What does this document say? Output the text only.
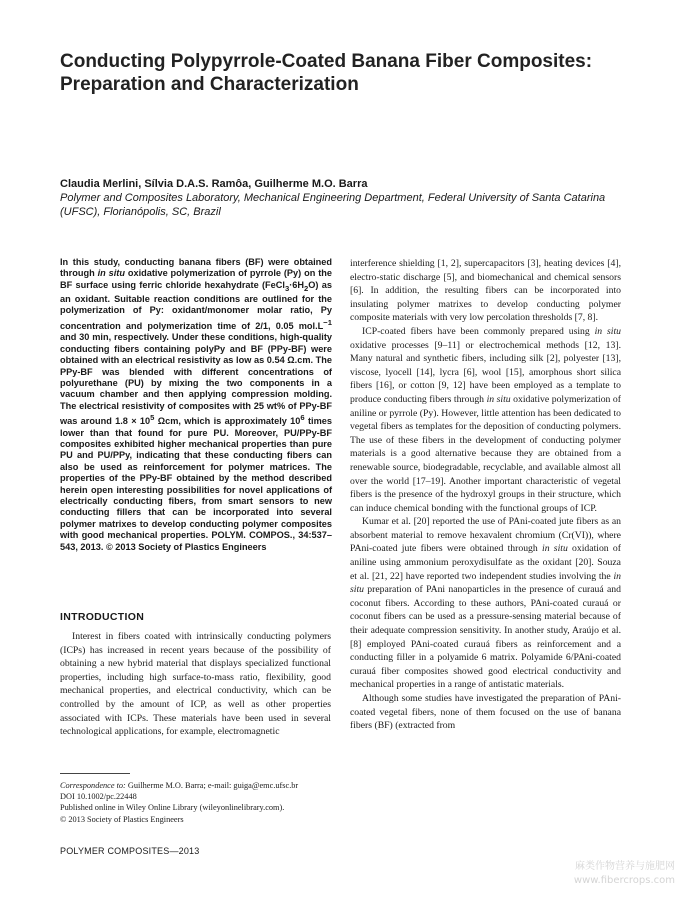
Conducting Polypyrrole-Coated Banana Fiber Composites: Preparation and Characterization
Claudia Merlini, Sílvia D.A.S. Ramôa, Guilherme M.O. Barra
Polymer and Composites Laboratory, Mechanical Engineering Department, Federal University of Santa Catarina (UFSC), Florianópolis, SC, Brazil
In this study, conducting banana fibers (BF) were obtained through in situ oxidative polymerization of pyrrole (Py) on the BF surface using ferric chloride hexahydrate $(FeCl_3\cdot 6H_2O)$ as an oxidant. Suitable reaction conditions are outlined for the polymerization of Py: oxidant/monomer molar ratio, Py concentration and polymerization time of 2/1, 0.05 $mol.L^{-1}$ and 30 min, respectively. Under these conditions, high-quality conducting fibers containing polyPy and BF (PPy-BF) were obtained with an electrical resistivity as low as 0.54 Ω.cm. The PPy-BF was blended with different concentrations of polyurethane (PU) by mixing the two components in a vacuum chamber and then applying compression molding. The electrical resistivity of composites with 25 wt% of PPy-BF was around $1.8 \times 10^5$ Ωcm, which is approximately $10^6$ times lower than that found for pure PU. Moreover, PU/PPy-BF composites exhibited higher mechanical properties than pure PU and PU/PPy, indicating that these conducting fibers can also be used as reinforcement for polymer matrices. The properties of the PPy-BF obtained by the method described herein open interesting possibilities for novel applications of electrically conducting fibers, from smart sensors to new conducting fillers that can be incorporated into several polymer matrixes to develop conducting polymer composites with good mechanical properties. POLYM. COMPOS., 34:537–543, 2013. © 2013 Society of Plastics Engineers
INTRODUCTION

Interest in fibers coated with intrinsically conducting polymers (ICPs) has increased in recent years because of the possibility of obtaining a new hybrid material that displays specialized functional properties, including high surface-to-mass ratio, flexibility, good mechanical properties, and electrical conductivity, which can be controlled by the amount of ICP, as well as other properties associated with ICPs. These materials have been used in several technological applications, for example, electromagnetic

interference shielding [1, 2], supercapacitors [3], heating devices [4], electro-static discharge [5], and biomechanical and chemical sensors [6]. In addition, the resulting fibers can be incorporated into insulating polymer matrixes to develop conducting polymer composite materials with very low percolation thresholds [7, 8].

ICP-coated fibers have been commonly prepared using in situ oxidative processes [9–11] or electrochemical methods [12, 13]. Many natural and synthetic fibers, including silk [2], polyester [13], viscose, lyocell [14], lycra [6], wool [15], amorphous short silica fibers [16], or cotton [9, 12] have been employed as a template to produce conducting fibers through in situ oxidative polymerization of aniline or pyrrole (Py). However, little attention has been dedicated to vegetal fibers as templates for the deposition of conducting polymers. The use of these fibers in the development of conducting polymer materials is a good alternative because they are obtained from a renewable source, biodegradable, recyclable, and available almost all over the world [17–19]. Another important characteristic of vegetal fibers is the presence of the hydroxyl groups in their structure, which can induce chemical bonding with the functional groups of ICP.

Kumar et al. [20] reported the use of PAni-coated jute fibers as an absorbent material to remove hexavalent chromium (Cr(VI)), where PAni-coated jute fibers were obtained through in situ oxidation of aniline using ammonium peroxydisulfate as the oxidant [20]. Souza et al. [21, 22] have reported two independent studies involving the in situ preparation of PAni nanoparticles in the presence of curauá and coconut fibers. According to these authors, PAni-coated curauá or coconut fibers can be used as a pressure-sensing material because of their adequate compression sensitivity. In another study, Araújo et al. [8] employed PAni-coated curauá fibers as reinforcement and a conducting filler in a polyamide 6 matrix. Polyamide 6/PAni-coated curauá fiber composites showed good electrical conductivity and mechanical properties in a range of antistatic materials.

Although some studies have investigated the preparation of PAni-coated vegetal fibers, none of them focused on the use of banana fibers (BF) (extracted from

Correspondence to: Guilherme M.O. Barra; e-mail: guiga@emc.ufsc.br
DOI 10.1002/pc.22448
Published online in Wiley Online Library (wileyonlinelibrary.com).
© 2013 Society of Plastics Engineers
POLYMER COMPOSITES—2013
麻类作物营养与施肥网
www.fibercrops.com
